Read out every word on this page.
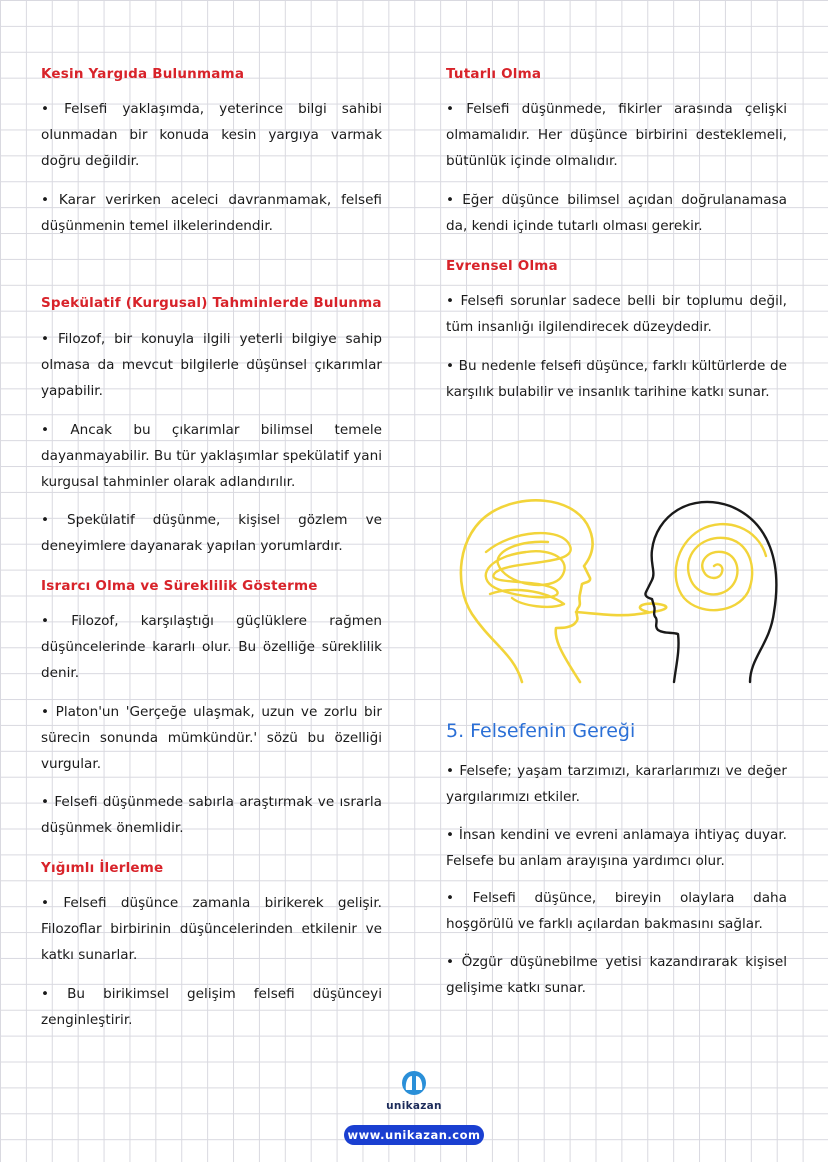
Kesin Yargıda Bulunmama
• Felsefi yaklaşımda, yeterince bilgi sahibi olunmadan bir konuda kesin yargıya varmak doğru değildir.
• Karar verirken aceleci davranmamak, felsefi düşünmenin temel ilkelerindendir.
Spekülatif (Kurgusal) Tahminlerde Bulunma
• Filozof, bir konuyla ilgili yeterli bilgiye sahip olmasa da mevcut bilgilerle düşünsel çıkarımlar yapabilir.
• Ancak bu çıkarımlar bilimsel temele dayanmayabilir. Bu tür yaklaşımlar spekülatif yani kurgusal tahminler olarak adlandırılır.
• Spekülatif düşünme, kişisel gözlem ve deneyimlere dayanarak yapılan yorumlardır.
Israrcı Olma ve Süreklilik Gösterme
• Filozof, karşılaştığı güçlüklere rağmen düşüncelerinde kararlı olur. Bu özelliğe süreklilik denir.
• Platon'un 'Gerçeğe ulaşmak, uzun ve zorlu bir sürecin sonunda mümkündür.' sözü bu özelliği vurgular.
• Felsefi düşünmede sabırla araştırmak ve ısrarla düşünmek önemlidir.
Yığımlı İlerleme
• Felsefi düşünce zamanla birikerek gelişir. Filozoflar birbirinin düşüncelerinden etkilenir ve katkı sunarlar.
• Bu birikimsel gelişim felsefi düşünceyi zenginleştirir.
Tutarlı Olma
• Felsefi düşünmede, fikirler arasında çelişki olmamalıdır. Her düşünce birbirini desteklemeli, bütünlük içinde olmalıdır.
• Eğer düşünce bilimsel açıdan doğrulanamasa da, kendi içinde tutarlı olması gerekir.
Evrensel Olma
• Felsefi sorunlar sadece belli bir toplumu değil, tüm insanlığı ilgilendirecek düzeydedir.
• Bu nedenle felsefi düşünce, farklı kültürlerde de karşılık bulabilir ve insanlık tarihine katkı sunar.
5. Felsefenin Gereği
• Felsefe; yaşam tarzımızı, kararlarımızı ve değer yargılarımızı etkiler.
• İnsan kendini ve evreni anlamaya ihtiyaç duyar. Felsefe bu anlam arayışına yardımcı olur.
• Felsefi düşünce, bireyin olaylara daha hoşgörülü ve farklı açılardan bakmasını sağlar.
• Özgür düşünebilme yetisi kazandırarak kişisel gelişime katkı sunar.
unikazan
www.unikazan.com
